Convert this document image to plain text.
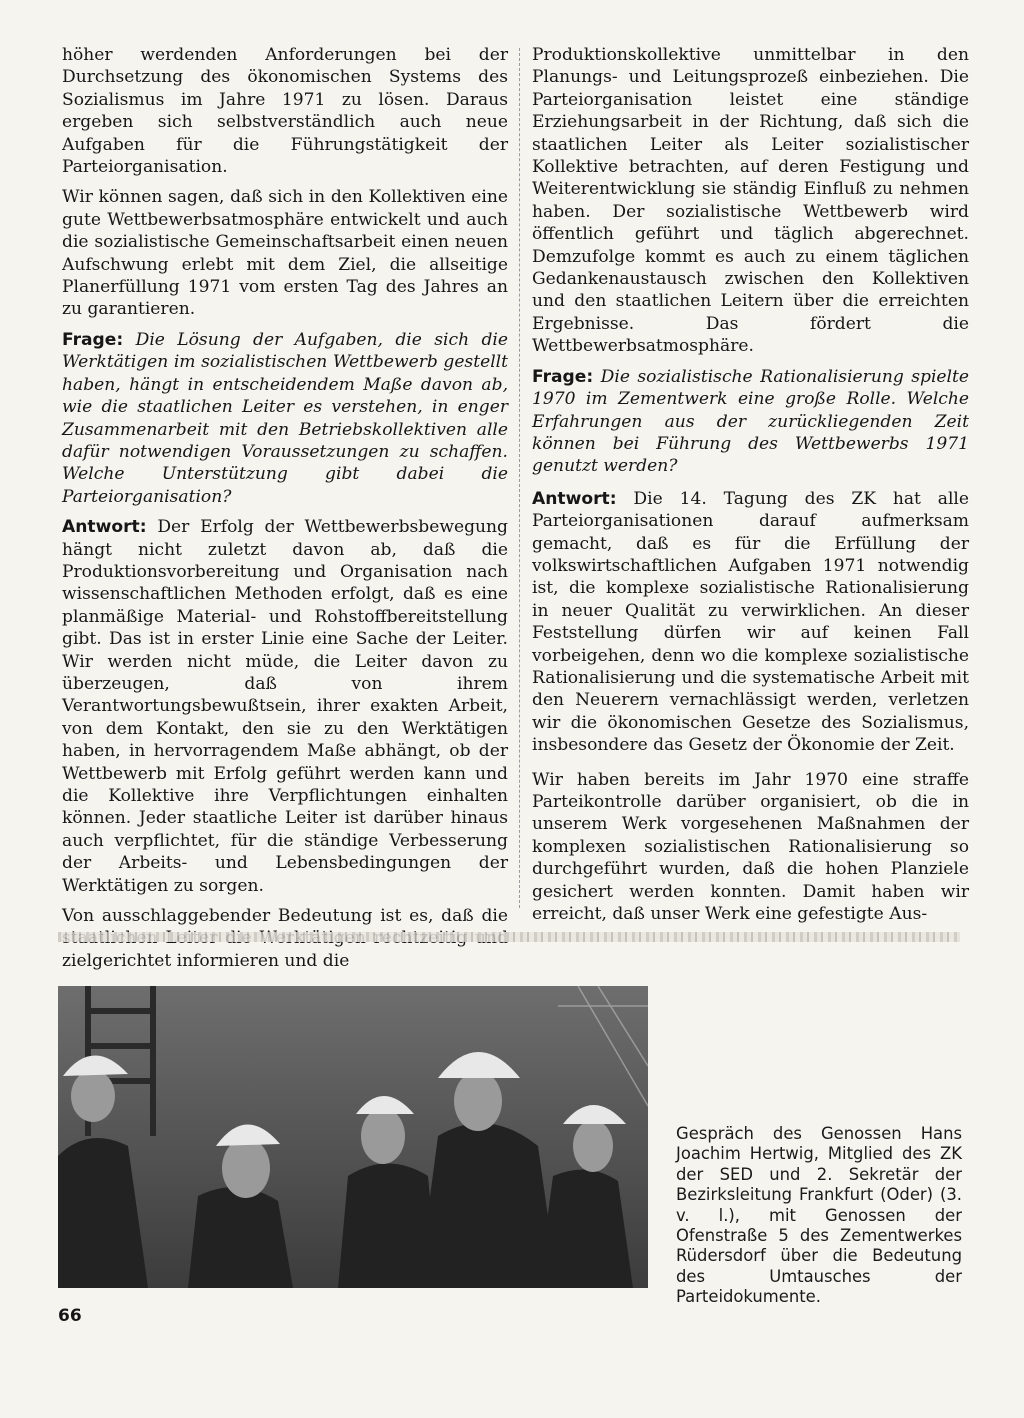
höher werdenden Anforderungen bei der Durchsetzung des ökonomischen Systems des Sozialismus im Jahre 1971 zu lösen. Daraus ergeben sich selbstverständlich auch neue Aufgaben für die Führungstätigkeit der Parteiorganisation.

Wir können sagen, daß sich in den Kollektiven eine gute Wettbewerbsatmosphäre entwickelt und auch die sozialistische Gemeinschaftsarbeit einen neuen Aufschwung erlebt mit dem Ziel, die allseitige Planerfüllung 1971 vom ersten Tag des Jahres an zu garantieren.

Frage: Die Lösung der Aufgaben, die sich die Werktätigen im sozialistischen Wettbewerb gestellt haben, hängt in entscheidendem Maße davon ab, wie die staatlichen Leiter es verstehen, in enger Zusammenarbeit mit den Betriebskollektiven alle dafür notwendigen Voraussetzungen zu schaffen. Welche Unterstützung gibt dabei die Parteiorganisation?

Antwort: Der Erfolg der Wettbewerbsbewegung hängt nicht zuletzt davon ab, daß die Produktionsvorbereitung und Organisation nach wissenschaftlichen Methoden erfolgt, daß es eine planmäßige Material- und Rohstoffbereitstellung gibt. Das ist in erster Linie eine Sache der Leiter. Wir werden nicht müde, die Leiter davon zu überzeugen, daß von ihrem Verantwortungsbewußtsein, ihrer exakten Arbeit, von dem Kontakt, den sie zu den Werktätigen haben, in hervorragendem Maße abhängt, ob der Wettbewerb mit Erfolg geführt werden kann und die Kollektive ihre Verpflichtungen einhalten können. Jeder staatliche Leiter ist darüber hinaus auch verpflichtet, für die ständige Verbesserung der Arbeits- und Lebensbedingungen der Werktätigen zu sorgen.

Von ausschlaggebender Bedeutung ist es, daß die zielgerichtet informieren und die

Produktionskollektive unmittelbar in den Planungs- und Leitungsprozeß einbeziehen. Die Parteiorganisation leistet eine ständige Erziehungsarbeit in der Richtung, daß sich die staatlichen Leiter als Leiter sozialistischer Kollektive betrachten, auf deren Festigung und Weiterentwicklung sie ständig Einfluß zu nehmen haben. Der sozialistische Wettbewerb wird öffentlich geführt und täglich abgerechnet. Demzufolge kommt es auch zu einem täglichen Gedankenaustausch zwischen den Kollektiven und den staatlichen Leitern über die erreichten Ergebnisse. Das fördert die Wettbewerbsatmosphäre.

Frage: Die sozialistische Rationalisierung spielte 1970 im Zementwerk eine große Rolle. Welche Erfahrungen aus der zurückliegenden Zeit können bei Führung des Wettbewerbs 1971 genutzt werden?

Antwort: Die 14. Tagung des ZK hat alle Parteiorganisationen darauf aufmerksam gemacht, daß es für die Erfüllung der volkswirtschaftlichen Aufgaben 1971 notwendig ist, die komplexe sozialistische Rationalisierung in neuer Qualität zu verwirklichen. An dieser Feststellung dürfen wir auf keinen Fall vorbeigehen, denn wo die komplexe sozialistische Rationalisierung und die systematische Arbeit mit den Neuerern vernachlässigt werden, verletzen wir die ökonomischen Gesetze des Sozialismus, insbesondere das Gesetz der Ökonomie der Zeit.

Wir haben bereits im Jahr 1970 eine straffe Parteikontrolle darüber organisiert, ob die in unserem Werk vorgesehenen Maßnahmen der komplexen sozialistischen Rationalisierung so durchgeführt wurden, daß die hohen Planziele gesichert werden konnten. Damit haben wir erreicht, daß unser Werk eine gefestigte Aus-

Gespräch des Genossen Hans Joachim Hertwig, Mitglied des ZK der SED und 2. Sekretär der Bezirksleitung Frankfurt (Oder) (3. v. l.), mit Genossen der Ofenstraße 5 des Zementwerkes Rüdersdorf über die Bedeutung des Umtausches der Parteidokumente.
66
